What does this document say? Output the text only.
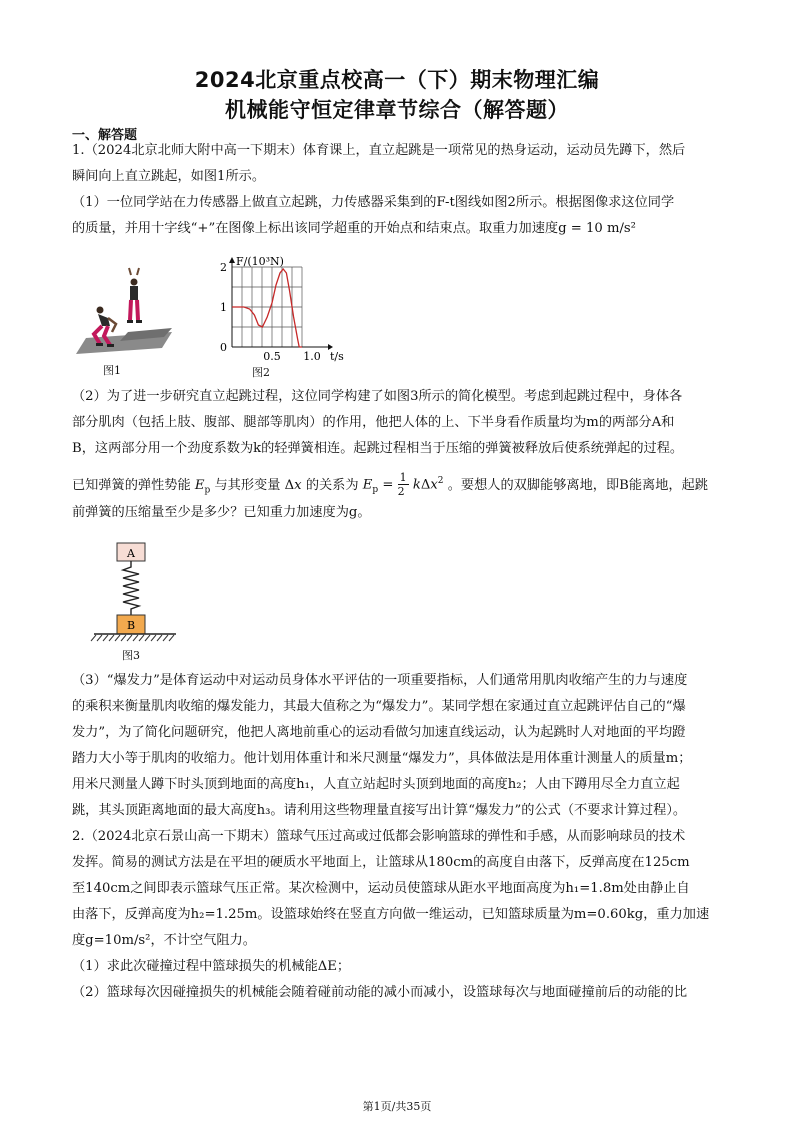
2024北京重点校高一（下）期末物理汇编
机械能守恒定律章节综合（解答题）
一、解答题
1.（2024北京北师大附中高一下期末）体育课上，直立起跳是一项常见的热身运动，运动员先蹲下，然后
瞬间向上直立跳起，如图1所示。
（1）一位同学站在力传感器上做直立起跳，力传感器采集到的F-t图线如图2所示。根据图像求这位同学
的质量，并用十字线“+”在图像上标出该同学超重的开始点和结束点。取重力加速度g = 10 m/s²
图1
2
1
0
0.5 1.0 t/s
F/(10³N)
图2
（2）为了进一步研究直立起跳过程，这位同学构建了如图3所示的简化模型。考虑到起跳过程中，身体各
部分肌肉（包括上肢、腹部、腿部等肌肉）的作用，他把人体的上、下半身看作质量均为m的两部分A和
B，这两部分用一个劲度系数为k的轻弹簧相连。起跳过程相当于压缩的弹簧被释放后使系统弹起的过程。
已知弹簧的弹性势能 $E_p$ 与其形变量 Δx 的关系为 $E_p = \frac{1}{2} k\Delta x^2$ 。要想人的双脚能够离地，即B能离地，起跳
前弹簧的压缩量至少是多少？已知重力加速度为g。
A
B
图3
（3）“爆发力”是体育运动中对运动员身体水平评估的一项重要指标，人们通常用肌肉收缩产生的力与速度
的乘积来衡量肌肉收缩的爆发能力，其最大值称之为“爆发力”。某同学想在家通过直立起跳评估自己的“爆
发力”，为了简化问题研究，他把人离地前重心的运动看做匀加速直线运动，认为起跳时人对地面的平均蹬
踏力大小等于肌肉的收缩力。他计划用体重计和米尺测量“爆发力”，具体做法是用体重计测量人的质量m；
用米尺测量人蹲下时头顶到地面的高度h₁，人直立站起时头顶到地面的高度h₂；人由下蹲用尽全力直立起
跳，其头顶距离地面的最大高度h₃。请利用这些物理量直接写出计算“爆发力”的公式（不要求计算过程）。
2.（2024北京石景山高一下期末）篮球气压过高或过低都会影响篮球的弹性和手感，从而影响球员的技术
发挥。简易的测试方法是在平坦的硬质水平地面上，让篮球从180cm的高度自由落下，反弹高度在125cm
至140cm之间即表示篮球气压正常。某次检测中，运动员使篮球从距水平地面高度为h₁=1.8m处由静止自
由落下，反弹高度为h₂=1.25m。设篮球始终在竖直方向做一维运动，已知篮球质量为m=0.60kg，重力加速
度g=10m/s²，不计空气阻力。
（1）求此次碰撞过程中篮球损失的机械能ΔE；
（2）篮球每次因碰撞损失的机械能会随着碰前动能的减小而减小，设篮球每次与地面碰撞前后的动能的比
第1页/共35页
